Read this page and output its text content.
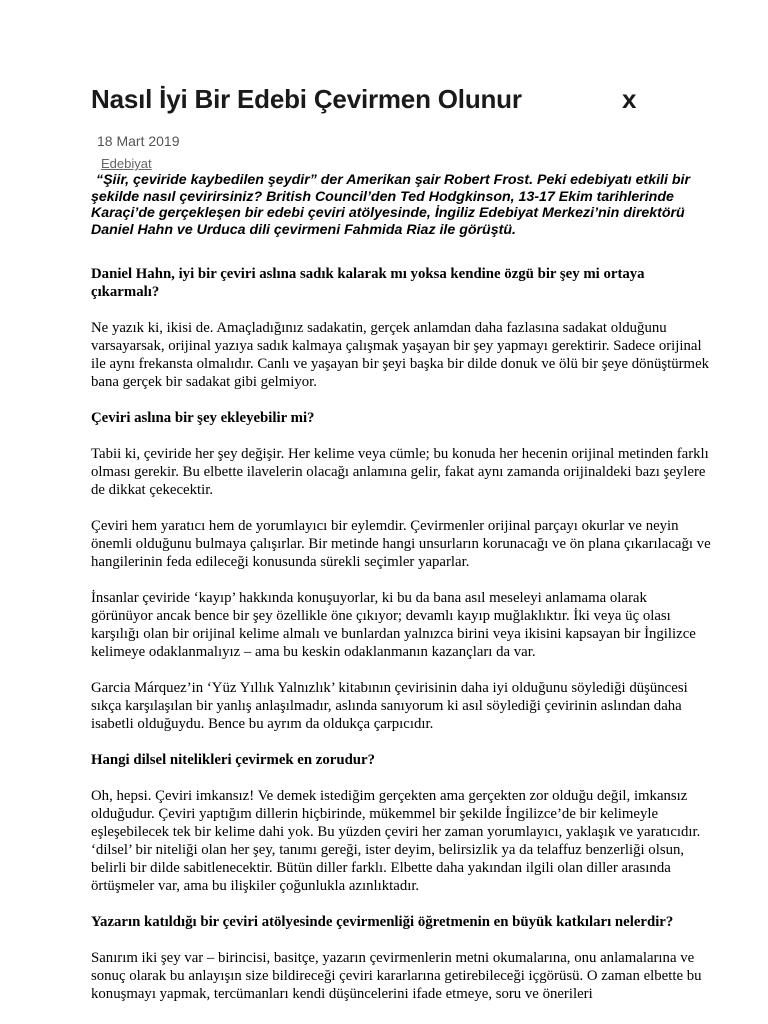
Nasıl İyi Bir Edebi Çevirmen Olunur	x
18 Mart 2019
Edebiyat

“Şiir, çeviride kaybedilen şeydir” der Amerikan şair Robert Frost. Peki edebiyatı etkili bir şekilde nasıl çevirirsiniz? British Council’den Ted Hodgkinson, 13-17 Ekim tarihlerinde Karaçi’de gerçekleşen bir edebi çeviri atölyesinde, İngiliz Edebiyat Merkezi’nin direktörü Daniel Hahn ve Urduca dili çevirmeni Fahmida Riaz ile görüştü.

Daniel Hahn, iyi bir çeviri aslına sadık kalarak mı yoksa kendine özgü bir şey mi ortaya çıkarmalı?

Ne yazık ki, ikisi de. Amaçladığınız sadakatin, gerçek anlamdan daha fazlasına sadakat olduğunu varsayarsak, orijinal yazıya sadık kalmaya çalışmak yaşayan bir şey yapmayı gerektirir. Sadece orijinal ile aynı frekansta olmalıdır. Canlı ve yaşayan bir şeyi başka bir dilde donuk ve ölü bir şeye dönüştürmek bana gerçek bir sadakat gibi gelmiyor.

Çeviri aslına bir şey ekleyebilir mi?

Tabii ki, çeviride her şey değişir. Her kelime veya cümle; bu konuda her hecenin orijinal metinden farklı olması gerekir. Bu elbette ilavelerin olacağı anlamına gelir, fakat aynı zamanda orijinaldeki bazı şeylere de dikkat çekecektir.

Çeviri hem yaratıcı hem de yorumlayıcı bir eylemdir. Çevirmenler orijinal parçayı okurlar ve neyin önemli olduğunu bulmaya çalışırlar. Bir metinde hangi unsurların korunacağı ve ön plana çıkarılacağı ve hangilerinin feda edileceği konusunda sürekli seçimler yaparlar.

İnsanlar çeviride ‘kayıp’ hakkında konuşuyorlar, ki bu da bana asıl meseleyi anlamama olarak görünüyor ancak bence bir şey özellikle öne çıkıyor; devamlı kayıp muğlaklıktır. İki veya üç olası karşılığı olan bir orijinal kelime almalı ve bunlardan yalnızca birini veya ikisini kapsayan bir İngilizce kelimeye odaklanmalıyız – ama bu keskin odaklanmanın kazançları da var.

Garcia Márquez’in ‘Yüz Yıllık Yalnızlık’ kitabının çevirisinin daha iyi olduğunu söylediği düşüncesi sıkça karşılaşılan bir yanlış anlaşılmadır, aslında sanıyorum ki asıl söylediği çevirinin aslından daha isabetli olduğuydu. Bence bu ayrım da oldukça çarpıcıdır.

Hangi dilsel nitelikleri çevirmek en zorudur?

Oh, hepsi. Çeviri imkansız! Ve demek istediğim gerçekten ama gerçekten zor olduğu değil, imkansız olduğudur. Çeviri yaptığım dillerin hiçbirinde, mükemmel bir şekilde İngilizce’de bir kelimeyle eşleşebilecek tek bir kelime dahi yok. Bu yüzden çeviri her zaman yorumlayıcı, yaklaşık ve yaratıcıdır. ‘dilsel’ bir niteliği olan her şey, tanımı gereği, ister deyim, belirsizlik ya da telaffuz benzerliği olsun, belirli bir dilde sabitlenecektir. Bütün diller farklı. Elbette daha yakından ilgili olan diller arasında örtüşmeler var, ama bu ilişkiler çoğunlukla azınlıktadır.

Yazarın katıldığı bir çeviri atölyesinde çevirmenliği öğretmenin en büyük katkıları nelerdir?

Sanırım iki şey var – birincisi, basitçe, yazarın çevirmenlerin metni okumalarına, onu anlamalarına ve sonuç olarak bu anlayışın size bildireceği çeviri kararlarına getirebileceği içgörüsü. O zaman elbette bu konuşmayı yapmak, tercümanları kendi düşüncelerini ifade etmeye, soru ve önerileri
